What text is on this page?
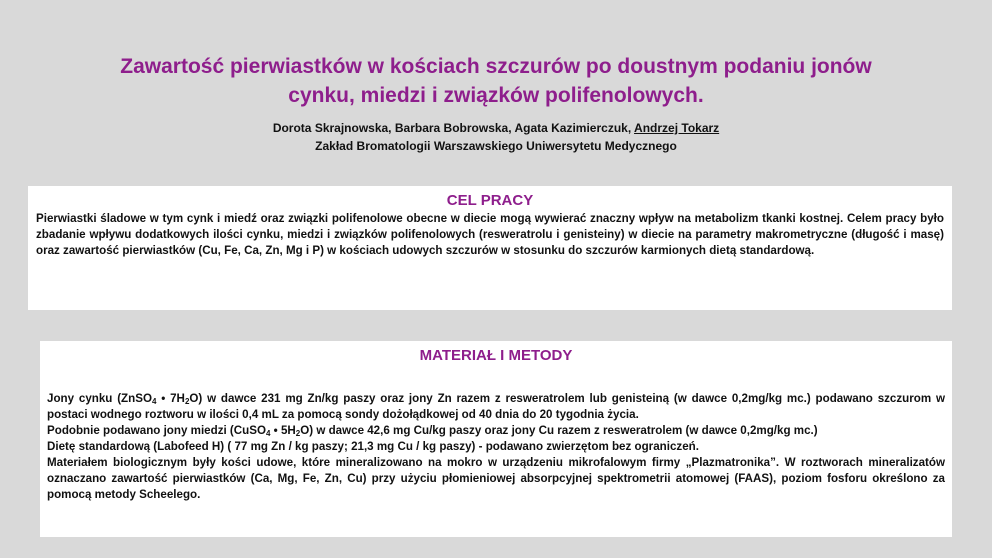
Zawartość pierwiastków w kościach szczurów po doustnym podaniu jonów
cynku, miedzi i związków polifenolowych.
Dorota Skrajnowska, Barbara Bobrowska, Agata Kazimierczuk, Andrzej Tokarz
Zakład Bromatologii Warszawskiego Uniwersytetu Medycznego
CEL PRACY

Pierwiastki śladowe w tym cynk i miedź oraz związki polifenolowe obecne w diecie mogą wywierać znaczny wpływ na metabolizm tkanki kostnej. Celem pracy było zbadanie wpływu dodatkowych ilości cynku, miedzi i związków polifenolowych (resweratrolu i genisteiny) w diecie na parametry makrometryczne (długość i masę) oraz zawartość pierwiastków (Cu, Fe, Ca, Zn, Mg i P) w kościach udowych szczurów w stosunku do szczurów karmionych dietą standardową.

MATERIAŁ I METODY

Jony cynku (ZnSO$_4$ • $7H_2O$) w dawce 231 mg Zn/kg paszy oraz jony Zn razem z resweratrolem lub genisteiną (w dawce 0,2mg/kg mc.) podawano szczurom w postaci wodnego roztworu w ilości 0,4 mL za pomocą sondy dożołądkowej od 40 dnia do 20 tygodnia życia.

Podobnie podawano jony miedzi (CuSO$_4$ • $5H_2O$) w dawce 42,6 mg Cu/kg paszy oraz jony Cu razem z resweratrolem (w dawce 0,2mg/kg mc.)

Dietę standardową (Labofeed H) ( 77 mg Zn / kg paszy; 21,3 mg Cu / kg paszy) - podawano zwierzętom bez ograniczeń.

Materiałem biologicznym były kości udowe, które mineralizowano na mokro w urządzeniu mikrofalowym firmy „Plazmatronika”. W roztworach mineralizatów oznaczano zawartość pierwiastków (Ca, Mg, Fe, Zn, Cu) przy użyciu płomieniowej absorpcyjnej spektrometrii atomowej (FAAS), poziom fosforu określono za pomocą metody Scheelego.
